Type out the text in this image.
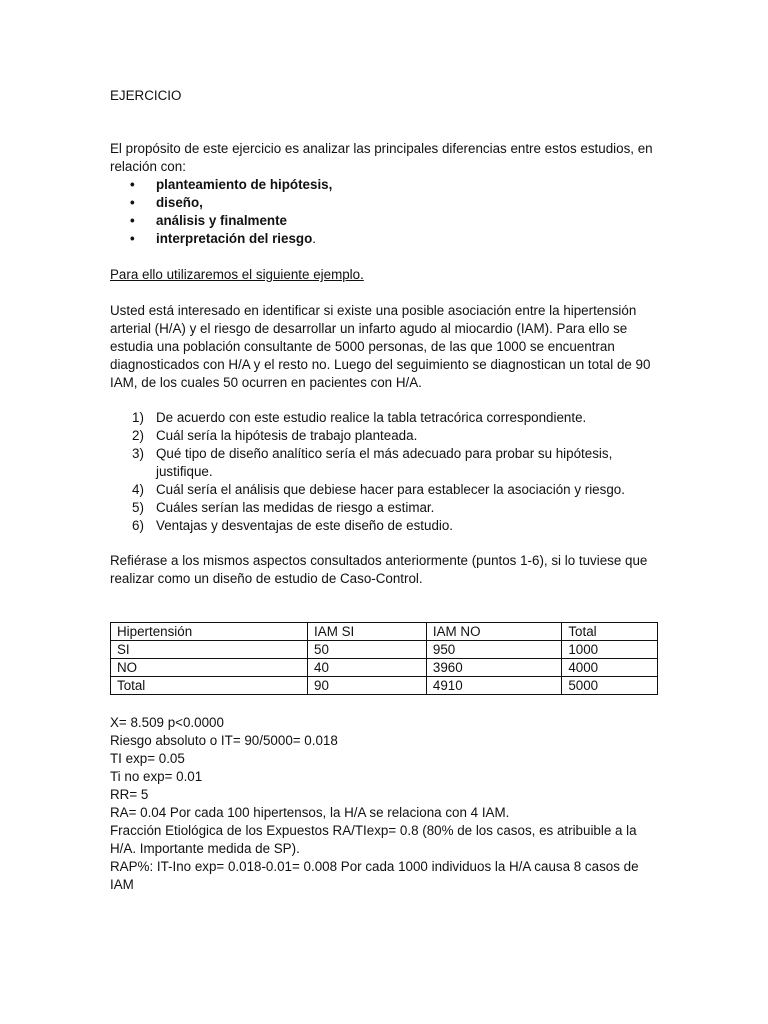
EJERCICIO

El propósito de este ejercicio es analizar las principales diferencias entre estos estudios, en relación con:

• planteamiento de hipótesis,
• diseño,
• análisis y finalmente
• interpretación del riesgo.

Para ello utilizaremos el siguiente ejemplo.

Usted está interesado en identificar si existe una posible asociación entre la hipertensión arterial (H/A) y el riesgo de desarrollar un infarto agudo al miocardio (IAM). Para ello se estudia una población consultante de 5000 personas, de las que 1000 se encuentran diagnosticados con H/A y el resto no. Luego del seguimiento se diagnostican un total de 90 IAM, de los cuales 50 ocurren en pacientes con H/A.

1) De acuerdo con este estudio realice la tabla tetracórica correspondiente.
2) Cuál sería la hipótesis de trabajo planteada.
3) Qué tipo de diseño analítico sería el más adecuado para probar su hipótesis, justifique.
4) Cuál sería el análisis que debiese hacer para establecer la asociación y riesgo.
5) Cuáles serían las medidas de riesgo a estimar.
6) Ventajas y desventajas de este diseño de estudio.

Refiérase a los mismos aspectos consultados anteriormente (puntos 1-6), si lo tuviese que realizar como un diseño de estudio de Caso-Control.

Hipertensión	IAM SI	IAM NO	Total
SI	50	950	1000
NO	40	3960	4000
Total	90	4910	5000

X= 8.509 p<0.0000

Riesgo absoluto o IT= 90/5000= 0.018

TI exp= 0.05

Ti no exp= 0.01

RR= 5

RA= 0.04 Por cada 100 hipertensos, la H/A se relaciona con 4 IAM.

Fracción Etiológica de los Expuestos RA/TIexp= 0.8 (80% de los casos, es atribuible a la H/A. Importante medida de SP).

RAP%: IT-Ino exp= 0.018-0.01= 0.008 Por cada 1000 individuos la H/A causa 8 casos de IAM
